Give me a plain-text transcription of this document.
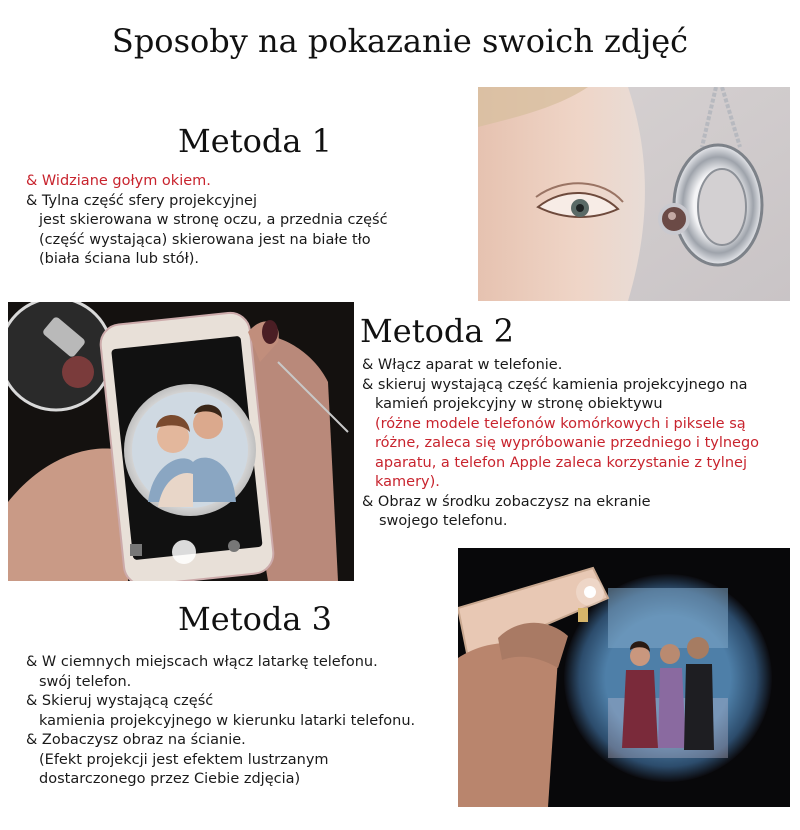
Sposoby na pokazanie swoich zdjęć
Metoda 1
& Widziane gołym okiem.
& Tylna część sfery projekcyjnej
jest skierowana w stronę oczu, a przednia część
(część wystająca) skierowana jest na białe tło
(biała ściana lub stół).
Metoda 2
& Włącz aparat w telefonie.
& skieruj wystającą część kamienia projekcyjnego na
kamień projekcyjny w stronę obiektywu
(różne modele telefonów komórkowych i piksele są
różne, zaleca się wypróbowanie przedniego i tylnego
aparatu, a telefon Apple zaleca korzystanie z tylnej
kamery).
& Obraz w środku zobaczysz na ekranie
swojego telefonu.
Metoda 3
& W ciemnych miejscach włącz latarkę telefonu.
swój telefon.
& Skieruj wystającą część
kamienia projekcyjnego w kierunku latarki telefonu.
& Zobaczysz obraz na ścianie.
(Efekt projekcji jest efektem lustrzanym
dostarczonego przez Ciebie zdjęcia)
